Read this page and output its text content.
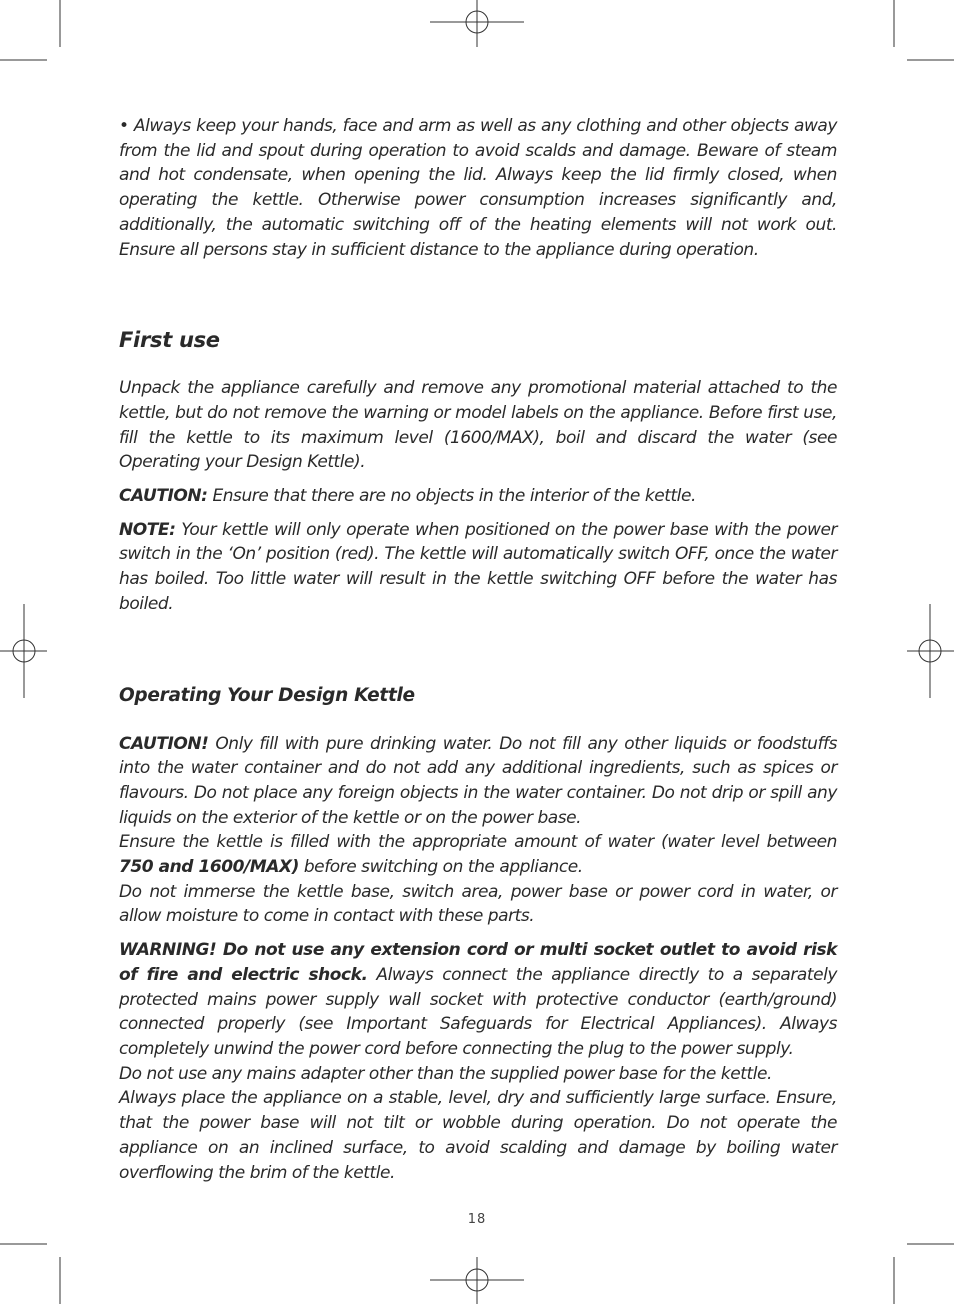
• Always keep your hands, face and arm as well as any clothing and other objects away from the lid and spout during operation to avoid scalds and damage. Beware of steam and hot condensate, when opening the lid. Always keep the lid firmly closed, when operating the kettle. Otherwise power consumption increases significantly and, additionally, the automatic switching off of the heating elements will not work out. Ensure all persons stay in sufficient distance to the appliance during operation.

First use

Unpack the appliance carefully and remove any promotional material attached to the kettle, but do not remove the warning or model labels on the appliance. Before first use, fill the kettle to its maximum level (1600/MAX), boil and discard the water (see Operating your Design Kettle).

CAUTION: Ensure that there are no objects in the interior of the kettle.

NOTE: Your kettle will only operate when positioned on the power base with the power switch in the ‘On’ position (red). The kettle will automatically switch OFF, once the water has boiled. Too little water will result in the kettle switching OFF before the water has boiled.

Operating Your Design Kettle

CAUTION! Only fill with pure drinking water. Do not fill any other liquids or foodstuffs into the water container and do not add any additional ingredients, such as spices or flavours. Do not place any foreign objects in the water container. Do not drip or spill any liquids on the exterior of the kettle or on the power base.

Ensure the kettle is filled with the appropriate amount of water (water level between 750 and 1600/MAX) before switching on the appliance.

Do not immerse the kettle base, switch area, power base or power cord in water, or allow moisture to come in contact with these parts.

WARNING! Do not use any extension cord or multi socket outlet to avoid risk of fire and electric shock. Always connect the appliance directly to a separately protected mains power supply wall socket with protective conductor (earth/ground) connected properly (see Important Safeguards for Electrical Appliances). Always completely unwind the power cord before connecting the plug to the power supply.

Do not use any mains adapter other than the supplied power base for the kettle.

Always place the appliance on a stable, level, dry and sufficiently large surface. Ensure, that the power base will not tilt or wobble during operation. Do not operate the appliance on an inclined surface, to avoid scalding and damage by boiling water overflowing the brim of the kettle.

18
